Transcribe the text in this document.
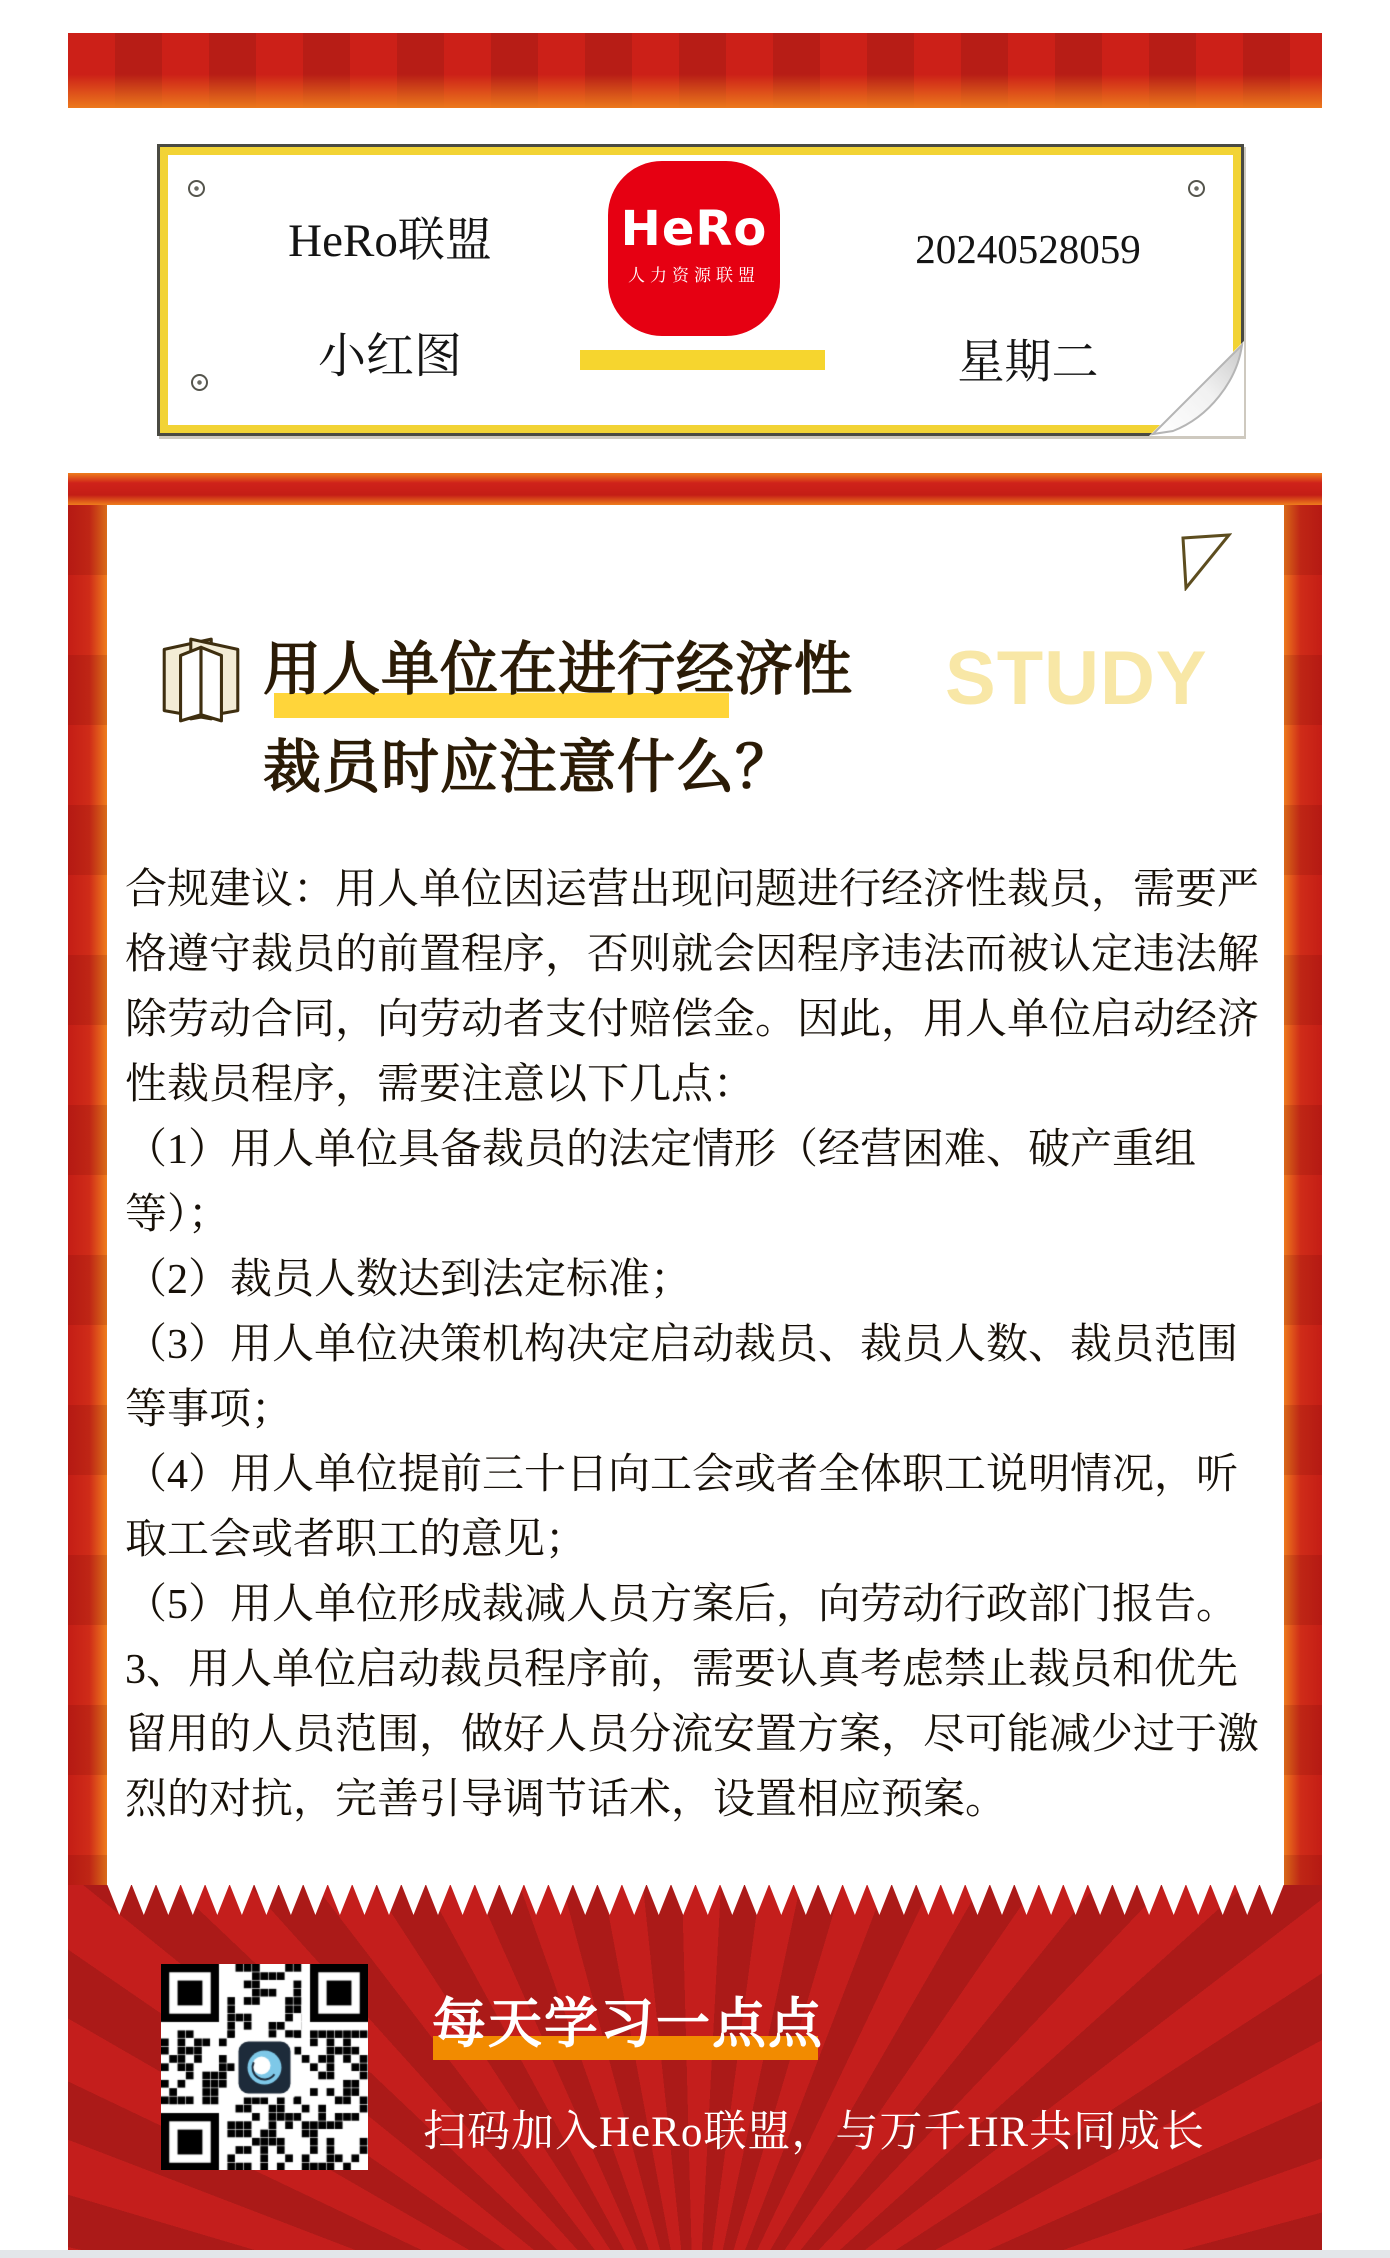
HeRo联盟
小红图
HeRo
人力资源联盟
20240528059
星期二
STUDY
用人单位在进行经济性
裁员时应注意什么？
合规建议：用人单位因运营出现问题进行经济性裁员，需要严
格遵守裁员的前置程序，否则就会因程序违法而被认定违法解
除劳动合同，向劳动者支付赔偿金。因此，用人单位启动经济
性裁员程序，需要注意以下几点：
（1）用人单位具备裁员的法定情形（经营困难、破产重组
等）；
（2）裁员人数达到法定标准；
（3）用人单位决策机构决定启动裁员、裁员人数、裁员范围
等事项；
（4）用人单位提前三十日向工会或者全体职工说明情况，听
取工会或者职工的意见；
（5）用人单位形成裁减人员方案后，向劳动行政部门报告。
3、用人单位启动裁员程序前，需要认真考虑禁止裁员和优先
留用的人员范围，做好人员分流安置方案，尽可能减少过于激
烈的对抗，完善引导调节话术，设置相应预案。
每天学习一点点
扫码加入HeRo联盟，与万千HR共同成长
